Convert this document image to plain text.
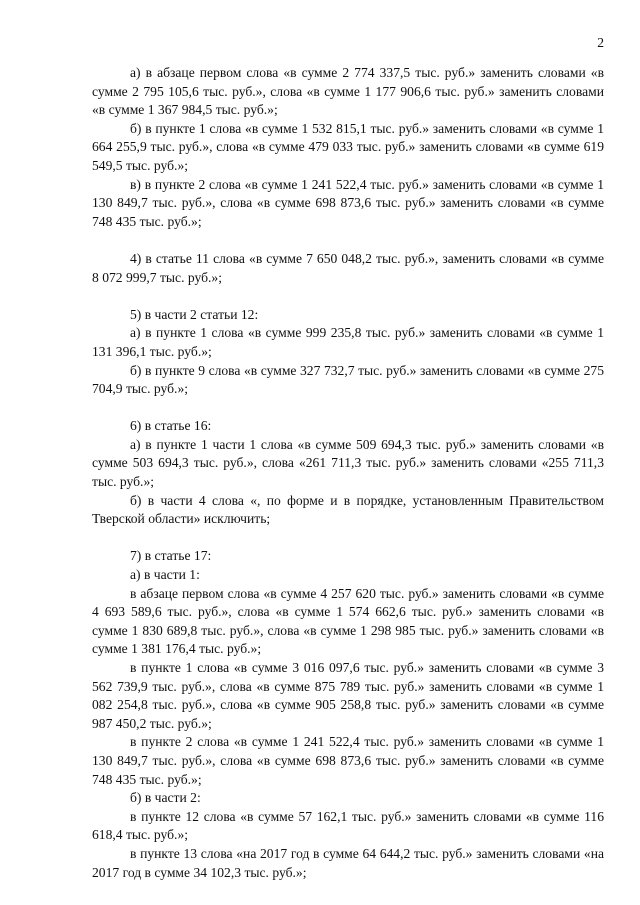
2

а) в абзаце первом слова «в сумме 2 774 337,5 тыс. руб.» заменить словами «в сумме 2 795 105,6 тыс. руб.», слова «в сумме 1 177 906,6 тыс. руб.» заменить словами «в сумме 1 367 984,5 тыс. руб.»;

б) в пункте 1 слова «в сумме 1 532 815,1 тыс. руб.» заменить словами «в сумме 1 664 255,9 тыс. руб.», слова «в сумме 479 033 тыс. руб.» заменить словами «в сумме 619 549,5 тыс. руб.»;

в) в пункте 2 слова «в сумме 1 241 522,4 тыс. руб.» заменить словами «в сумме 1 130 849,7 тыс. руб.», слова «в сумме 698 873,6 тыс. руб.» заменить словами «в сумме 748 435 тыс. руб.»;

4) в статье 11 слова «в сумме 7 650 048,2 тыс. руб.», заменить словами «в сумме 8 072 999,7 тыс. руб.»;

5) в части 2 статьи 12:

а) в пункте 1 слова «в сумме 999 235,8 тыс. руб.» заменить словами «в сумме 1 131 396,1 тыс. руб.»;

б) в пункте 9 слова «в сумме 327 732,7 тыс. руб.» заменить словами «в сумме 275 704,9 тыс. руб.»;

6) в статье 16:

а) в пункте 1 части 1 слова «в сумме 509 694,3 тыс. руб.» заменить словами «в сумме 503 694,3 тыс. руб.», слова «261 711,3 тыс. руб.» заменить словами «255 711,3 тыс. руб.»;

б) в части 4 слова «, по форме и в порядке, установленным Правительством Тверской области» исключить;

7) в статье 17:

а) в части 1:

в абзаце первом слова «в сумме 4 257 620 тыс. руб.» заменить словами «в сумме 4 693 589,6 тыс. руб.», слова «в сумме 1 574 662,6 тыс. руб.» заменить словами «в сумме 1 830 689,8 тыс. руб.», слова «в сумме 1 298 985 тыс. руб.» заменить словами «в сумме 1 381 176,4 тыс. руб.»;

в пункте 1 слова «в сумме 3 016 097,6 тыс. руб.» заменить словами «в сумме 3 562 739,9 тыс. руб.», слова «в сумме 875 789 тыс. руб.» заменить словами «в сумме 1 082 254,8 тыс. руб.», слова «в сумме 905 258,8 тыс. руб.» заменить словами «в сумме 987 450,2 тыс. руб.»;

в пункте 2 слова «в сумме 1 241 522,4 тыс. руб.» заменить словами «в сумме 1 130 849,7 тыс. руб.», слова «в сумме 698 873,6 тыс. руб.» заменить словами «в сумме 748 435 тыс. руб.»;

б) в части 2:

в пункте 12 слова «в сумме 57 162,1 тыс. руб.» заменить словами «в сумме 116 618,4 тыс. руб.»;

в пункте 13 слова «на 2017 год в сумме 64 644,2 тыс. руб.» заменить словами «на 2017 год в сумме 34 102,3 тыс. руб.»;
